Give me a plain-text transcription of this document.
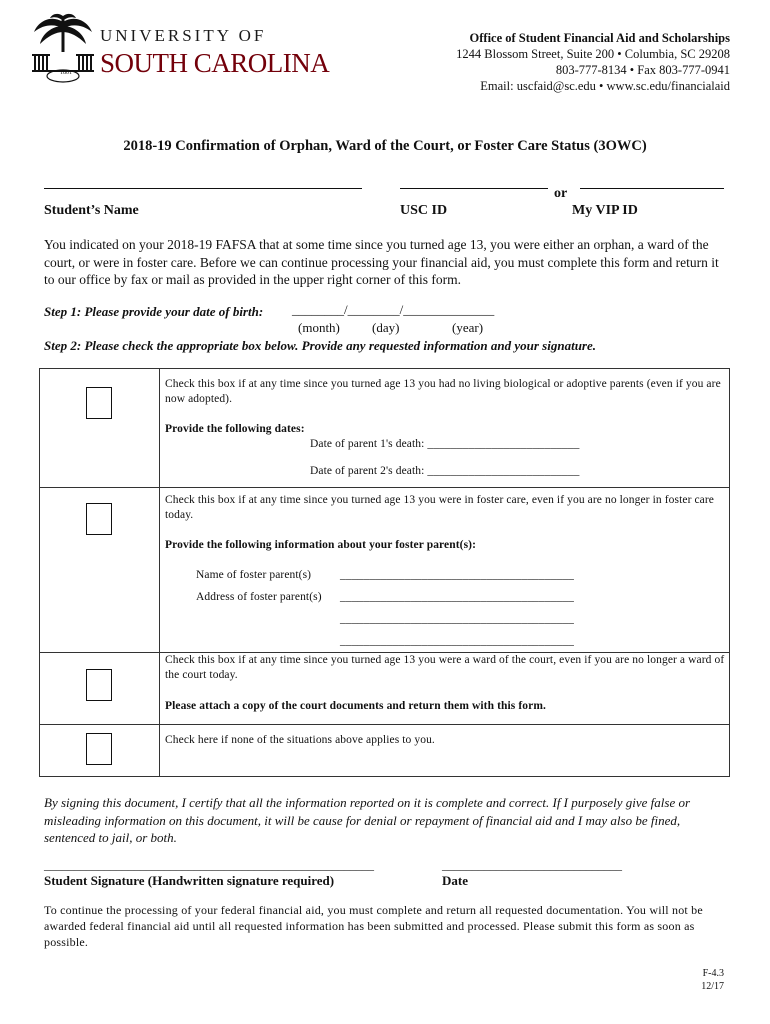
1801
UNIVERSITY OF
SOUTH CAROLINA
Office of Student Financial Aid and Scholarships
1244 Blossom Street, Suite 200 • Columbia, SC 29208
803-777-8134 • Fax 803-777-0941
Email: uscfaid@sc.edu • www.sc.edu/financialaid
2018-19 Confirmation of Orphan, Ward of the Court, or Foster Care Status (3OWC)
or
Student’s Name	USC ID	My VIP ID
You indicated on your 2018-19 FAFSA that at some time since you turned age 13, you were either an orphan, a ward of the court, or were in foster care. Before we can continue processing your financial aid, you must complete this form and return it to our office by fax or mail as provided in the upper right corner of this form.
Step 1: Please provide your date of birth: ________/________/______________
(month) (day)	(year)
Step 2: Please check the appropriate box below. Provide any requested information and your signature.
Check this box if at any time since you turned age 13 you had no living biological or adoptive parents (even if you are now adopted).
Provide the following dates:
Date of parent 1's death: __________________________
Date of parent 2's death: __________________________
Check this box if at any time since you turned age 13 you were in foster care, even if you are no longer in foster care today.
Provide the following information about your foster parent(s):
Name of foster parent(s)	________________________________________
Address of foster parent(s)	________________________________________
________________________________________
________________________________________
Check this box if at any time since you turned age 13 you were a ward of the court, even if you are no longer a ward of the court today.
Please attach a copy of the court documents and return them with this form.
Check here if none of the situations above applies to you.
By signing this document, I certify that all the information reported on it is complete and correct. If I purposely give false or misleading information on this document, it will be cause for denial or repayment of financial aid and I may also be fined, sentenced to jail, or both.
_______________________________________________________
Student Signature (Handwritten signature required)
______________________________
Date
To continue the processing of your federal financial aid, you must complete and return all requested documentation. You will not be awarded federal financial aid until all requested information has been submitted and processed. Please submit this form as soon as possible.
F-4.3
12/17
